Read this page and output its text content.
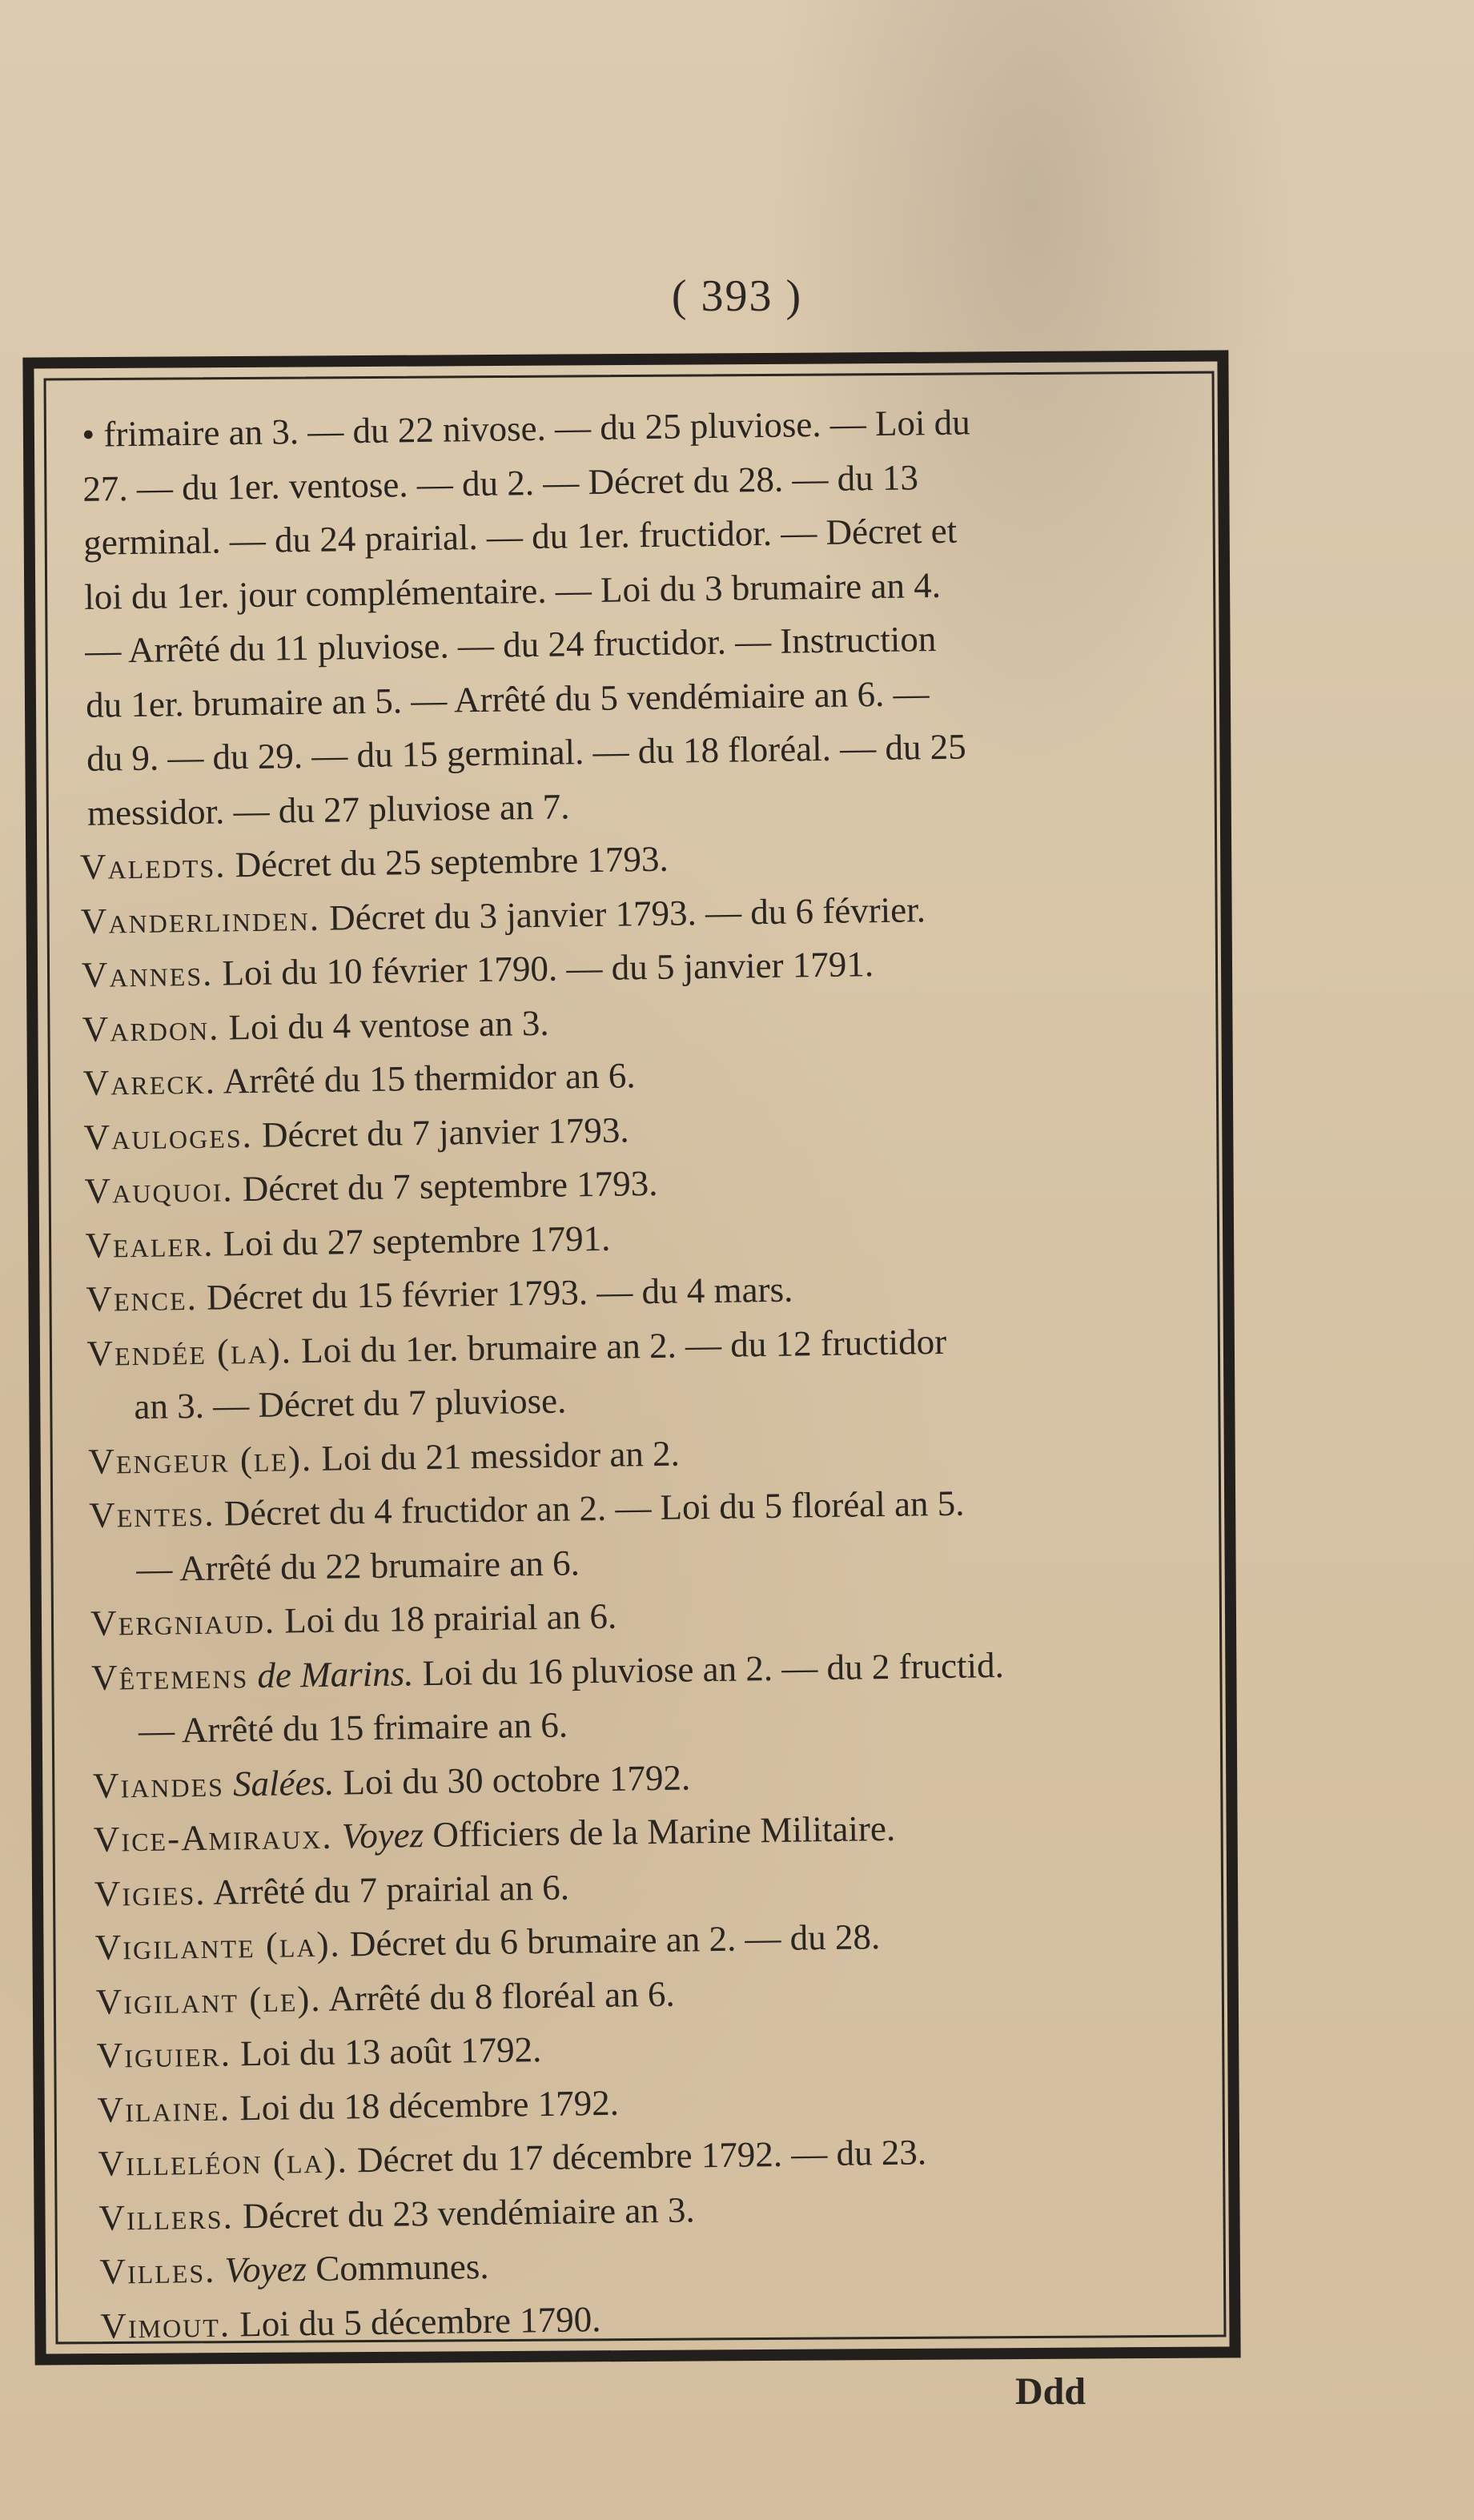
( 393 )
• frimaire an 3. — du 22 nivose. — du 25 pluviose. — Loi du
27. — du 1er. ventose. — du 2. — Décret du 28. — du 13
germinal. — du 24 prairial. — du 1er. fructidor. — Décret et
loi du 1er. jour complémentaire. — Loi du 3 brumaire an 4.
— Arrêté du 11 pluviose. — du 24 fructidor. — Instruction
du 1er. brumaire an 5. — Arrêté du 5 vendémiaire an 6. —
du 9. — du 29. — du 15 germinal. — du 18 floréal. — du 25
messidor. — du 27 pluviose an 7.
Valedts. Décret du 25 septembre 1793.
Vanderlinden. Décret du 3 janvier 1793. — du 6 février.
Vannes. Loi du 10 février 1790. — du 5 janvier 1791.
Vardon. Loi du 4 ventose an 3.
Vareck. Arrêté du 15 thermidor an 6.
Vauloges. Décret du 7 janvier 1793.
Vauquoi. Décret du 7 septembre 1793.
Vealer. Loi du 27 septembre 1791.
Vence. Décret du 15 février 1793. — du 4 mars.
Vendée (la). Loi du 1er. brumaire an 2. — du 12 fructidor
an 3. — Décret du 7 pluviose.
Vengeur (le). Loi du 21 messidor an 2.
Ventes. Décret du 4 fructidor an 2. — Loi du 5 floréal an 5.
— Arrêté du 22 brumaire an 6.
Vergniaud. Loi du 18 prairial an 6.
Vêtemens de Marins. Loi du 16 pluviose an 2. — du 2 fructid.
— Arrêté du 15 frimaire an 6.
Viandes Salées. Loi du 30 octobre 1792.
Vice-Amiraux. Voyez Officiers de la Marine Militaire.
Vigies. Arrêté du 7 prairial an 6.
Vigilante (la). Décret du 6 brumaire an 2. — du 28.
Vigilant (le). Arrêté du 8 floréal an 6.
Viguier. Loi du 13 août 1792.
Vilaine. Loi du 18 décembre 1792.
Villeléon (la). Décret du 17 décembre 1792. — du 23.
Villers. Décret du 23 vendémiaire an 3.
Villes. Voyez Communes.
Vimout. Loi du 5 décembre 1790.
Ddd
